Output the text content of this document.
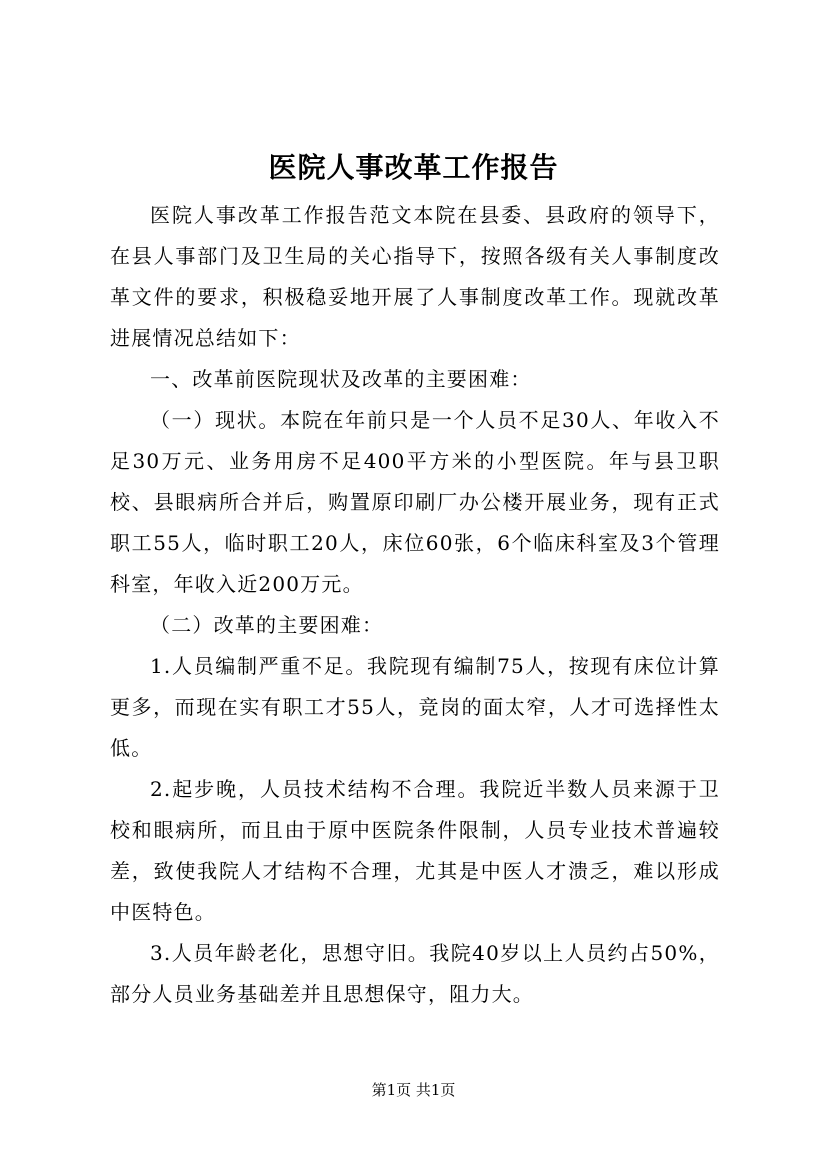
医院人事改革工作报告

医院人事改革工作报告范文本院在县委、县政府的领导下，在县人事部门及卫生局的关心指导下，按照各级有关人事制度改革文件的要求，积极稳妥地开展了人事制度改革工作。现就改革进展情况总结如下：

一、改革前医院现状及改革的主要困难：

（一）现状。本院在年前只是一个人员不足30人、年收入不足30万元、业务用房不足400平方米的小型医院。年与县卫职校、县眼病所合并后，购置原印刷厂办公楼开展业务，现有正式职工55人，临时职工20人，床位60张，6个临床科室及3个管理科室，年收入近200万元。

（二）改革的主要困难：

1.人员编制严重不足。我院现有编制75人，按现有床位计算更多，而现在实有职工才55人，竞岗的面太窄，人才可选择性太低。

2.起步晚，人员技术结构不合理。我院近半数人员来源于卫校和眼病所，而且由于原中医院条件限制，人员专业技术普遍较差，致使我院人才结构不合理，尤其是中医人才溃乏，难以形成中医特色。

3.人员年龄老化，思想守旧。我院40岁以上人员约占50%，部分人员业务基础差并且思想保守，阻力大。

第1页 共1页
